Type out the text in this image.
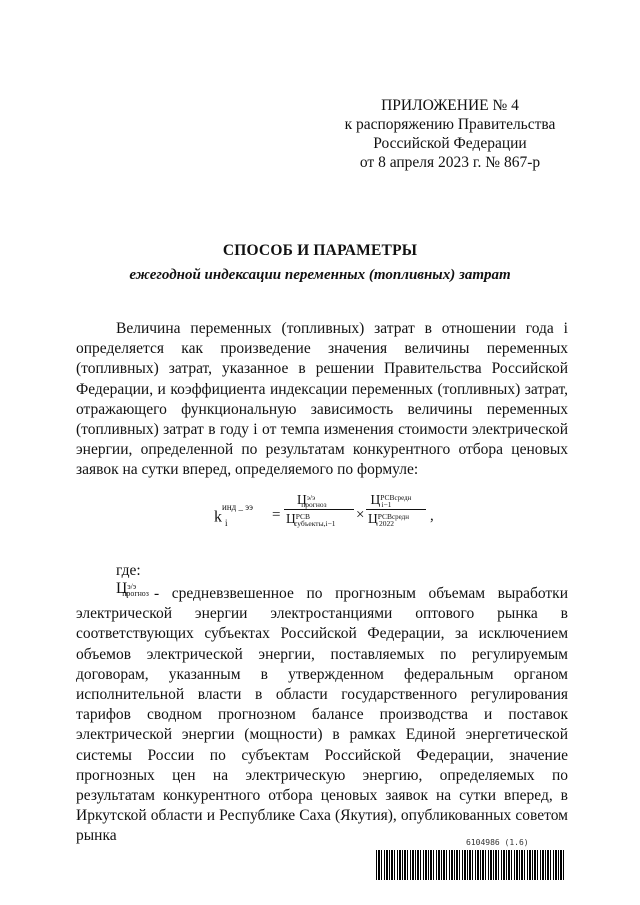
ПРИЛОЖЕНИЕ № 4
к распоряжению Правительства
Российской Федерации
от 8 апреля 2023 г. № 867-р
СПОСОБ И ПАРАМЕТРЫ
ежегодной индексации переменных (топливных) затрат
Величина переменных (топливных) затрат в отношении года i определяется как произведение значения величины переменных (топливных) затрат, указанное в решении Правительства Российской Федерации, и коэффициента индексации переменных (топливных) затрат, отражающего функциональную зависимость величины переменных (топливных) затрат в году i от темпа изменения стоимости электрической энергии, определенной по результатам конкурентного отбора ценовых заявок на сутки вперед, определяемого по формуле:
$k^{инд \_ ээ}_i$	=
$Ц^{э/э}_{прогноз}$
$Ц^{РСВ}_{субъекты,i-1}$
×
$Ц^{РСВсредн}_{i-1}$
$Ц^{РСВсредн}_{2022}$	,
где:
$Ц^{э/э}_{прогноз}$ - средневзвешенное по прогнозным объемам выработки электрической энергии электростанциями оптового рынка в соответствующих субъектах Российской Федерации, за исключением объемов электрической энергии, поставляемых по регулируемым договорам, указанным в утвержденном федеральным органом исполнительной власти в области государственного регулирования тарифов сводном прогнозном балансе производства и поставок электрической энергии (мощности) в рамках Единой энергетической системы России по субъектам Российской Федерации, значение прогнозных цен на электрическую энергию, определяемых по результатам конкурентного отбора ценовых заявок на сутки вперед, в Иркутской области и Республике Саха (Якутия), опубликованных советом рынка	6104986 (1.6)
